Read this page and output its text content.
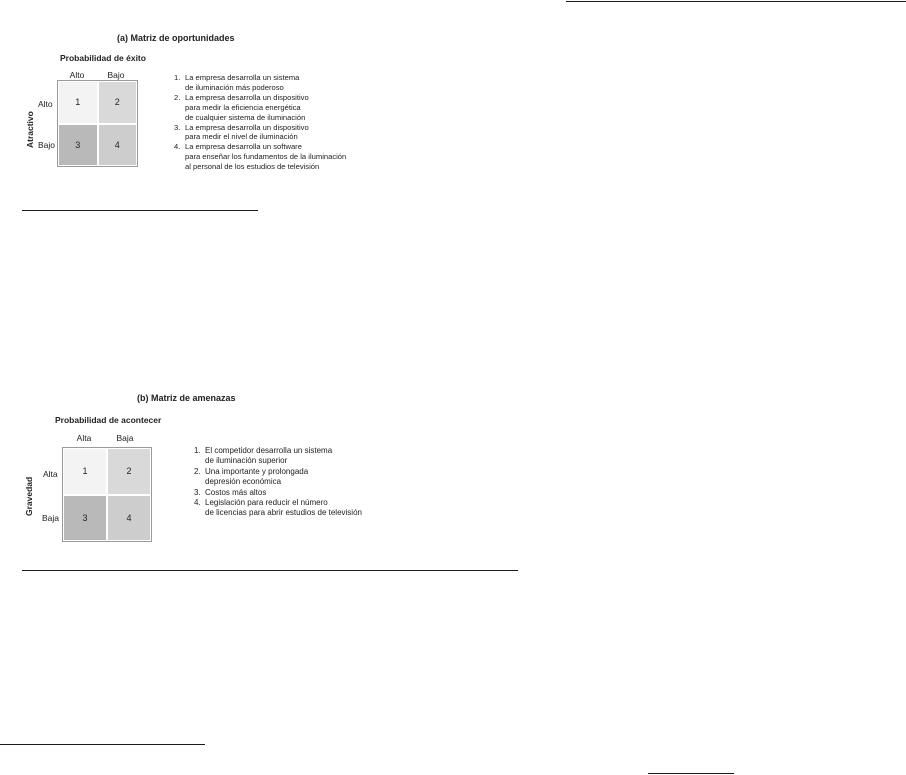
(a) Matriz de oportunidades
Probabilidad de éxito
Alto	Bajo
Atractivo
Alto
Bajo
1	2
3	4
1. La empresa desarrolla un sistema
de iluminación más poderoso
2. La empresa desarrolla un dispositivo
para medir la eficiencia energética
de cualquier sistema de iluminación
3. La empresa desarrolla un dispositivo
para medir el nivel de iluminación
4. La empresa desarrolla un software
para enseñar los fundamentos de la iluminación
al personal de los estudios de televisión
(b) Matriz de amenazas
Probabilidad de acontecer
Alta	Baja
Gravedad
Alta
Baja
1	2
3	4
1. El competidor desarrolla un sistema
de iluminación superior
2. Una importante y prolongada
depresión económica
3. Costos más altos
4. Legislación para reducir el número
de licencias para abrir estudios de televisión
